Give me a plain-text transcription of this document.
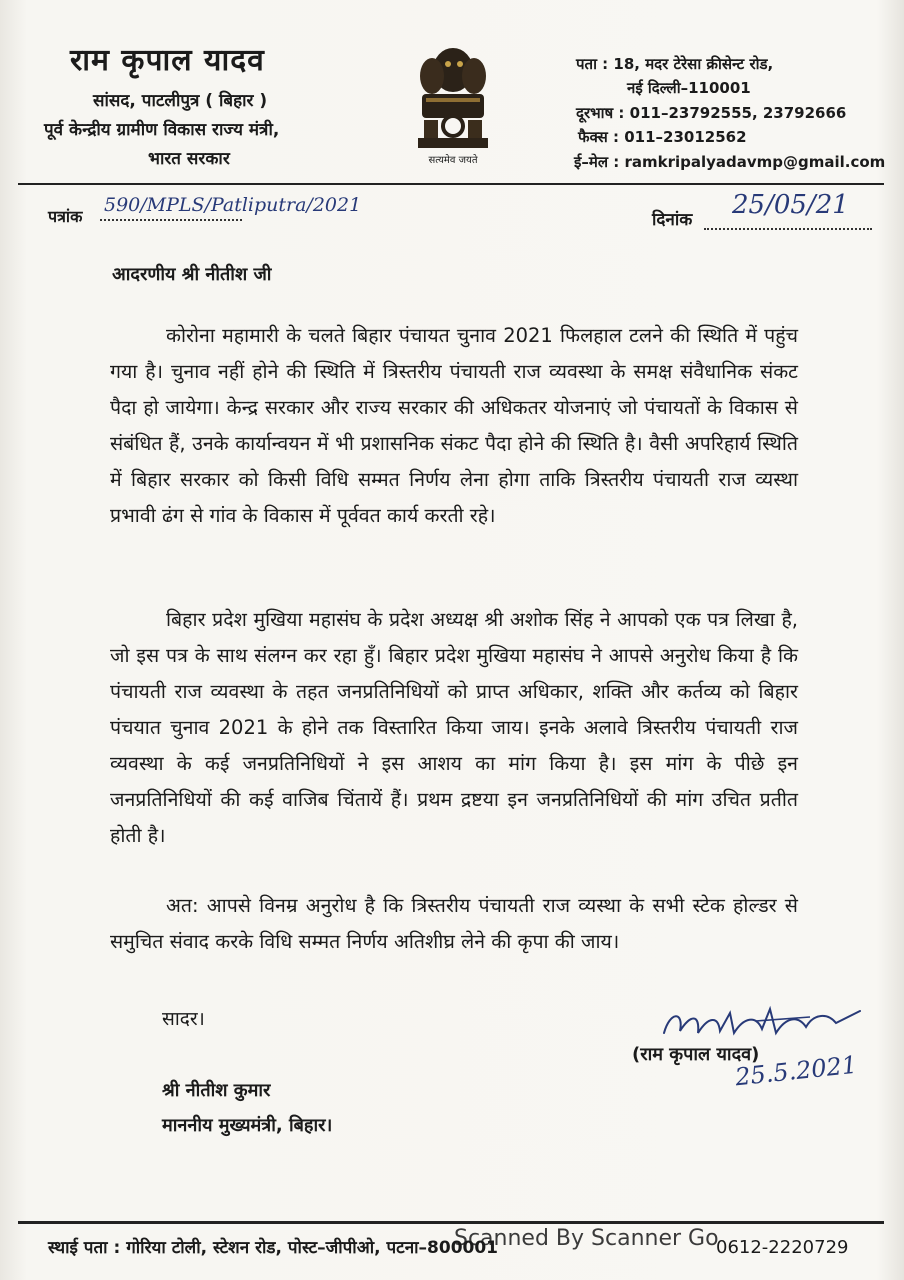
राम कृपाल यादव
सांसद, पाटलीपुत्र ( बिहार )
पूर्व केन्द्रीय ग्रामीण विकास राज्य मंत्री,
भारत सरकार	सत्यमेव जयते
पता : 18, मदर टेरेसा क्रीसेन्ट रोड,
नई दिल्ली–110001
दूरभाष : 011–23792555, 23792666
फैक्स : 011–23012562
ई–मेल : ramkripalyadavmp@gmail.com
पत्रांक
590/MPLS/Patliputra/2021
दिनांक 25/05/21
आदरणीय श्री नीतीश जी
कोरोना महामारी के चलते बिहार पंचायत चुनाव 2021 फिलहाल टलने की स्थिति में पहुंच गया है। चुनाव नहीं होने की स्थिति में त्रिस्तरीय पंचायती राज व्यवस्था के समक्ष संवैधानिक संकट पैदा हो जायेगा। केन्द्र सरकार और राज्य सरकार की अधिकतर योजनाएं जो पंचायतों के विकास से संबंधित हैं, उनके कार्यान्वयन में भी प्रशासनिक संकट पैदा होने की स्थिति है। वैसी अपरिहार्य स्थिति में बिहार सरकार को किसी विधि सम्मत निर्णय लेना होगा ताकि त्रिस्तरीय पंचायती राज व्यस्था प्रभावी ढंग से गांव के विकास में पूर्ववत कार्य करती रहे।
बिहार प्रदेश मुखिया महासंघ के प्रदेश अध्यक्ष श्री अशोक सिंह ने आपको एक पत्र लिखा है, जो इस पत्र के साथ संलग्न कर रहा हुँ। बिहार प्रदेश मुखिया महासंघ ने आपसे अनुरोध किया है कि पंचायती राज व्यवस्था के तहत जनप्रतिनिधियों को प्राप्त अधिकार, शक्ति और कर्तव्य को बिहार पंचयात चुनाव 2021 के होने तक विस्तारित किया जाय। इनके अलावे त्रिस्तरीय पंचायती राज व्यवस्था के कई जनप्रतिनिधियों ने इस आशय का मांग किया है। इस मांग के पीछे इन जनप्रतिनिधियों की कई वाजिब चिंतायें हैं। प्रथम द्रष्टया इन जनप्रतिनिधियों की मांग उचित प्रतीत होती है।
अत: आपसे विनम्र अनुरोध है कि त्रिस्तरीय पंचायती राज व्यस्था के सभी स्टेक होल्डर से समुचित संवाद करके विधि सम्मत निर्णय अतिशीघ्र लेने की कृपा की जाय।
सादर।
(राम कृपाल यादव)
25.5.2021
श्री नीतीश कुमार
माननीय मुख्यमंत्री, बिहार।
स्थाई पता : गोरिया टोली, स्टेशन रोड, पोस्ट–जीपीओ, पटना–800001	0612-2220729
Scanned By Scanner Go
